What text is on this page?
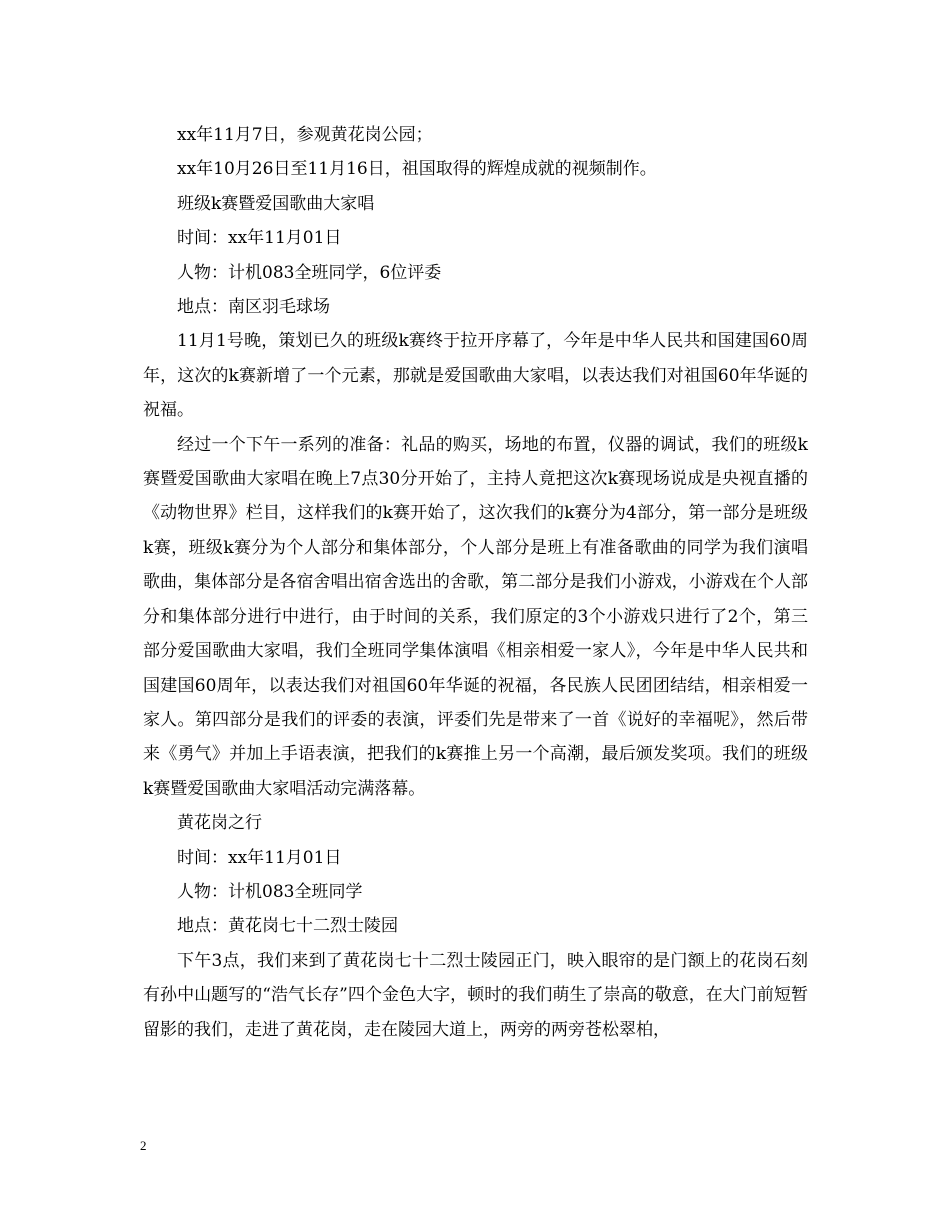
xx年11月7日，参观黄花岗公园；

xx年10月26日至11月16日，祖国取得的辉煌成就的视频制作。

班级k赛暨爱国歌曲大家唱

时间：xx年11月01日

人物：计机083全班同学，6位评委

地点：南区羽毛球场

11月1号晚，策划已久的班级k赛终于拉开序幕了，今年是中华人民共和国建国60周年，这次的k赛新增了一个元素，那就是爱国歌曲大家唱，以表达我们对祖国60年华诞的祝福。

经过一个下午一系列的准备：礼品的购买，场地的布置，仪器的调试，我们的班级k赛暨爱国歌曲大家唱在晚上7点30分开始了，主持人竟把这次k赛现场说成是央视直播的《动物世界》栏目，这样我们的k赛开始了，这次我们的k赛分为4部分，第一部分是班级k赛，班级k赛分为个人部分和集体部分，个人部分是班上有准备歌曲的同学为我们演唱歌曲，集体部分是各宿舍唱出宿舍选出的舍歌，第二部分是我们小游戏，小游戏在个人部分和集体部分进行中进行，由于时间的关系，我们原定的3个小游戏只进行了2个，第三部分爱国歌曲大家唱，我们全班同学集体演唱《相亲相爱一家人》，今年是中华人民共和国建国60周年，以表达我们对祖国60年华诞的祝福，各民族人民团团结结，相亲相爱一家人。第四部分是我们的评委的表演，评委们先是带来了一首《说好的幸福呢》，然后带来《勇气》并加上手语表演，把我们的k赛推上另一个高潮，最后颁发奖项。我们的班级k赛暨爱国歌曲大家唱活动完满落幕。

黄花岗之行

时间：xx年11月01日

人物：计机083全班同学

地点：黄花岗七十二烈士陵园

下午3点，我们来到了黄花岗七十二烈士陵园正门，映入眼帘的是门额上的花岗石刻有孙中山题写的“浩气长存”四个金色大字，顿时的我们萌生了崇高的敬意，在大门前短暂留影的我们，走进了黄花岗，走在陵园大道上，两旁的两旁苍松翠柏，

2
